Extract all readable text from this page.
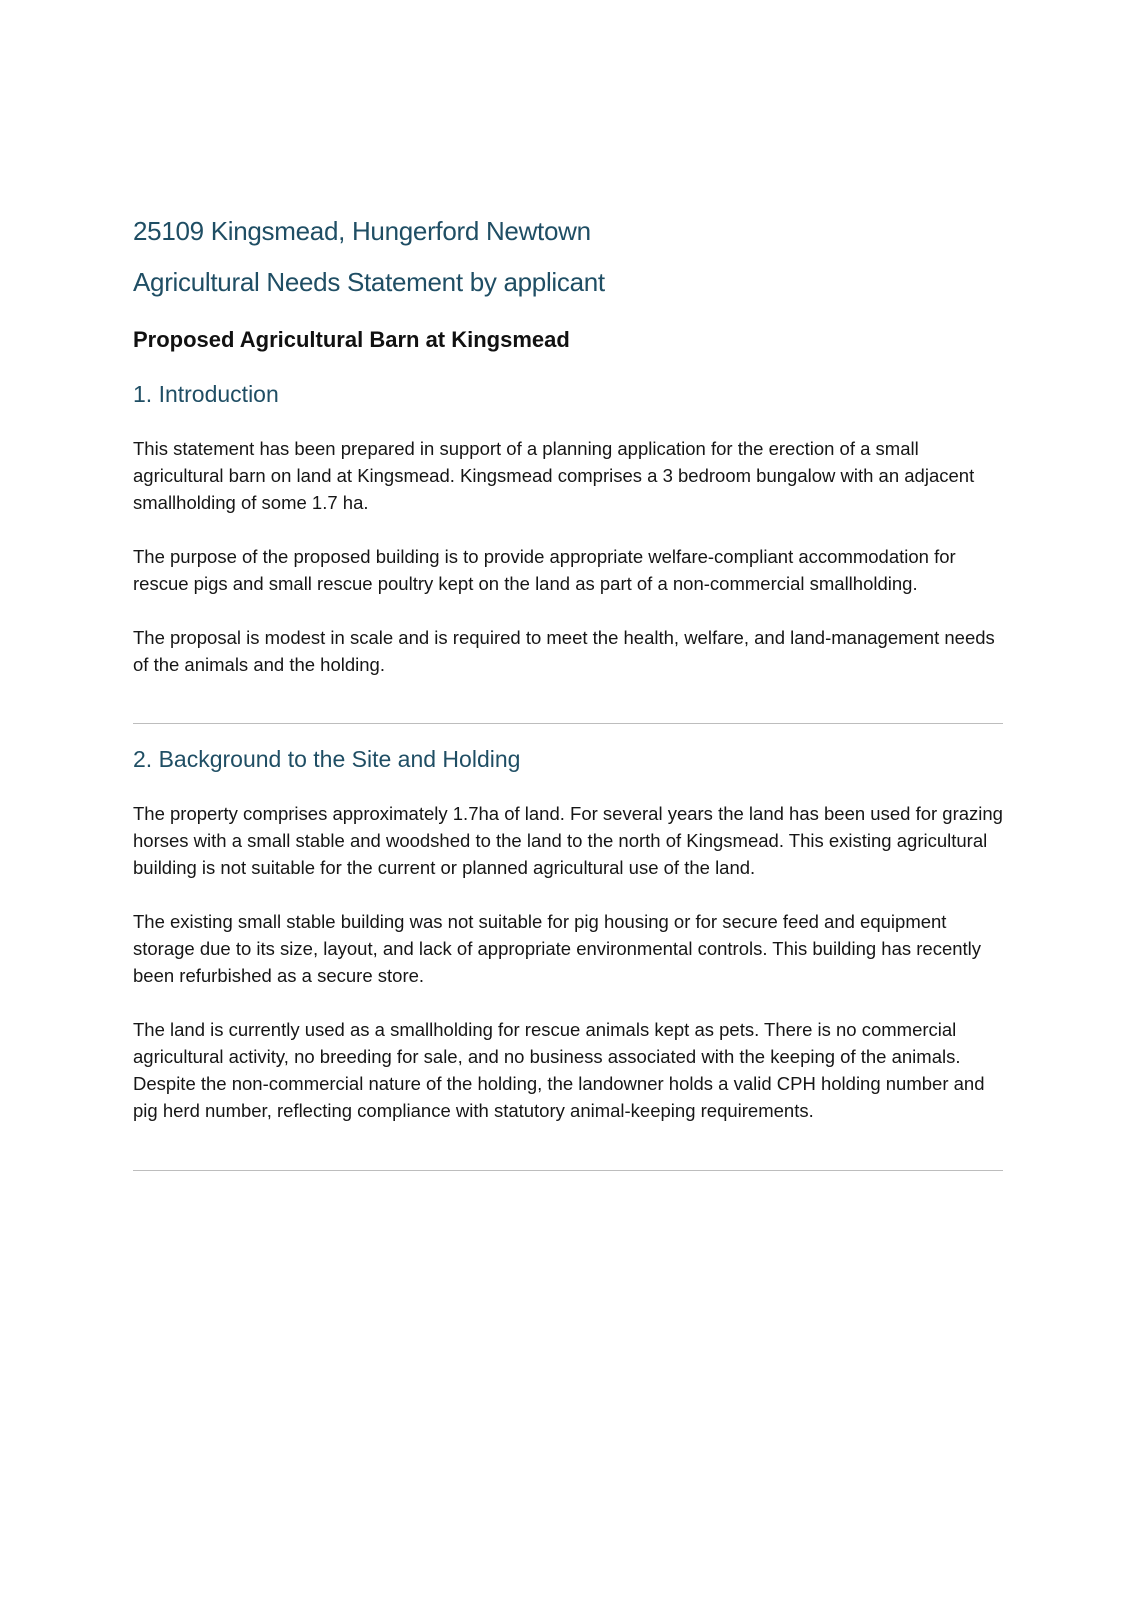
25109 Kingsmead, Hungerford Newtown
Agricultural Needs Statement by applicant
Proposed Agricultural Barn at Kingsmead
1. Introduction

This statement has been prepared in support of a planning application for the erection of a small agricultural barn on land at Kingsmead. Kingsmead comprises a 3 bedroom bungalow with an adjacent smallholding of some 1.7 ha.

The purpose of the proposed building is to provide appropriate welfare-compliant accommodation for rescue pigs and small rescue poultry kept on the land as part of a non-commercial smallholding.

The proposal is modest in scale and is required to meet the health, welfare, and land-management needs of the animals and the holding.

2. Background to the Site and Holding

The property comprises approximately 1.7ha of land. For several years the land has been used for grazing horses with a small stable and woodshed to the land to the north of Kingsmead. This existing agricultural building is not suitable for the current or planned agricultural use of the land.

The existing small stable building was not suitable for pig housing or for secure feed and equipment storage due to its size, layout, and lack of appropriate environmental controls. This building has recently been refurbished as a secure store.

The land is currently used as a smallholding for rescue animals kept as pets. There is no commercial agricultural activity, no breeding for sale, and no business associated with the keeping of the animals. Despite the non-commercial nature of the holding, the landowner holds a valid CPH holding number and pig herd number, reflecting compliance with statutory animal-keeping requirements.
